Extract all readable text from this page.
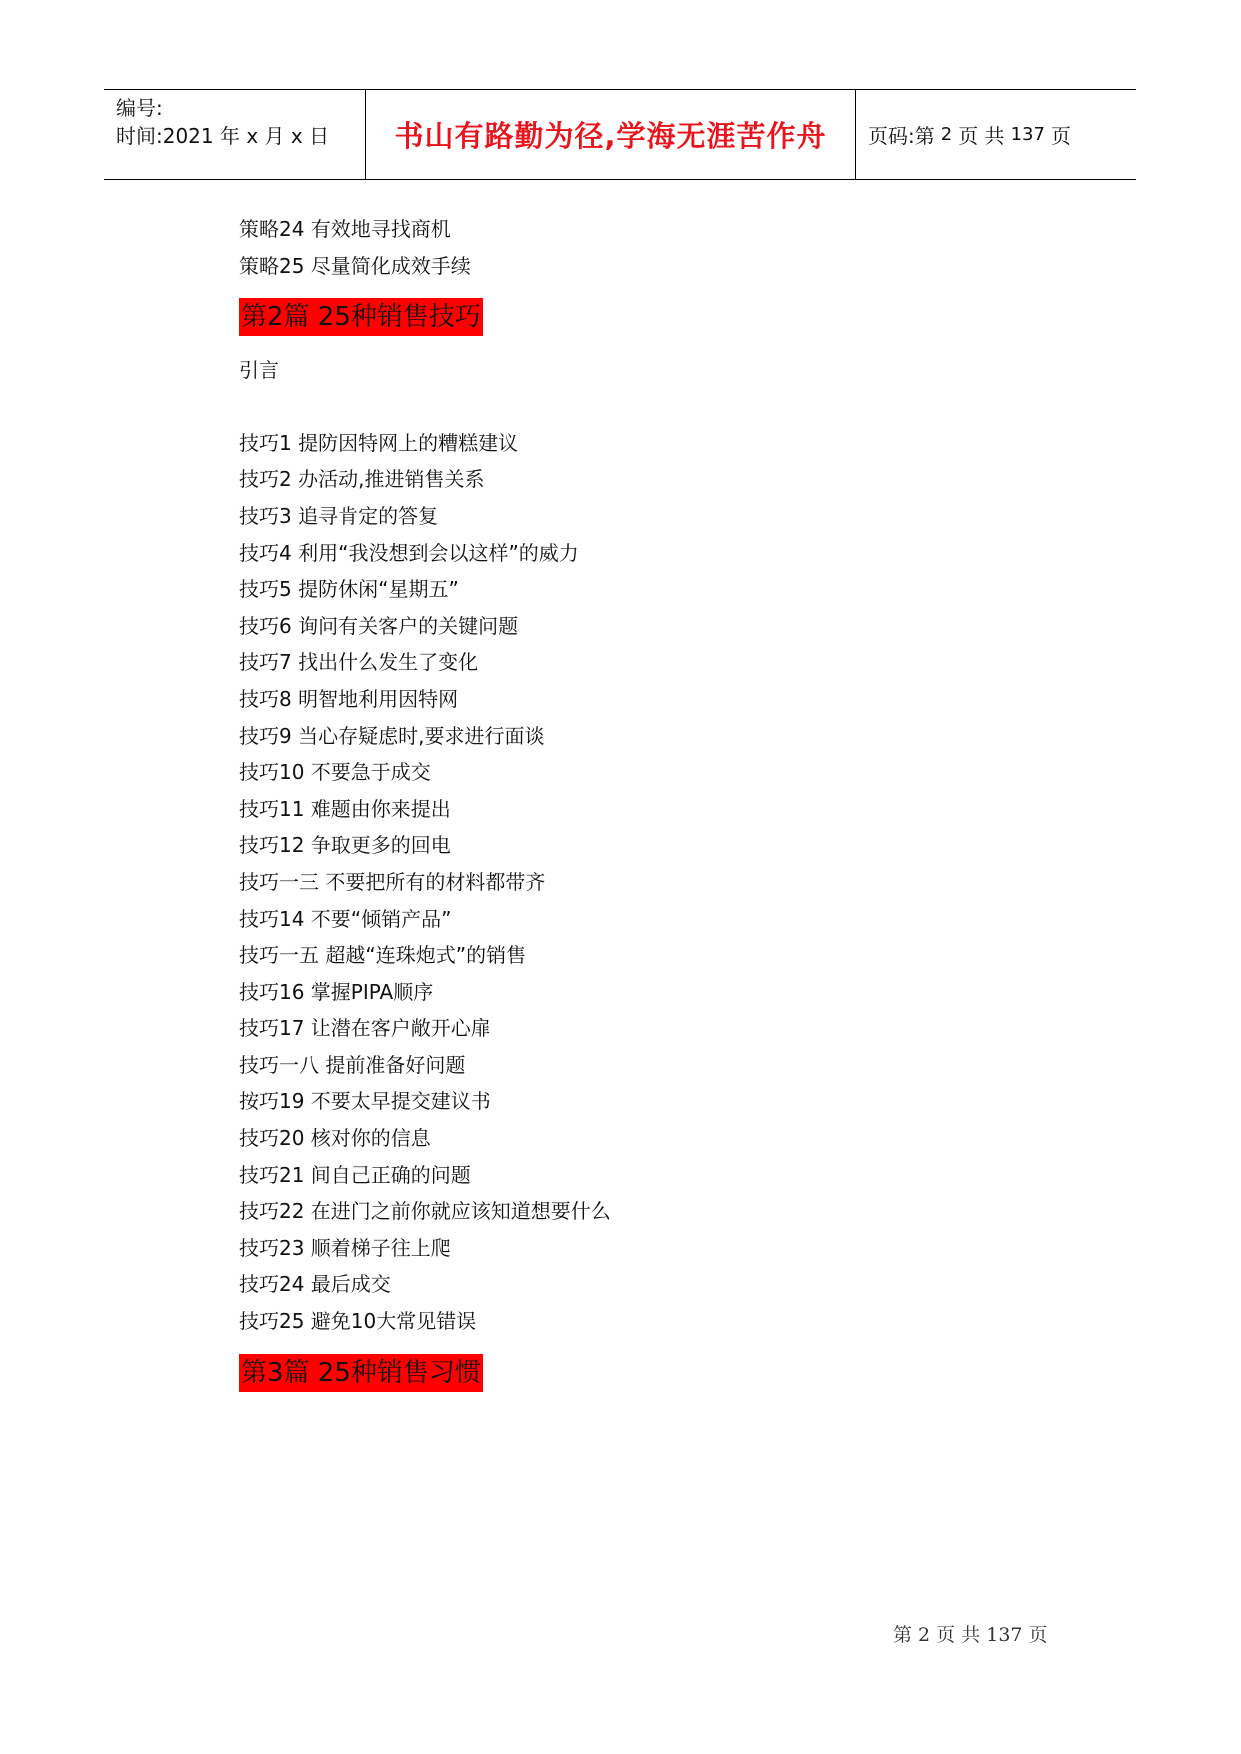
编号:
时间:2021 年 x 月 x 日	书山有路勤为径,学海无涯苦作舟	页码:第 2 页 共 137 页
策略24 有效地寻找商机
策略25 尽量简化成效手续
第2篇 25种销售技巧
引言
技巧1 提防因特网上的糟糕建议
技巧2 办活动,推进销售关系
技巧3 追寻肯定的答复
技巧4 利用“我没想到会以这样”的威力
技巧5 提防休闲“星期五”
技巧6 询问有关客户的关键问题
技巧7 找出什么发生了变化
技巧8 明智地利用因特网
技巧9 当心存疑虑时,要求进行面谈
技巧10 不要急于成交
技巧11 难题由你来提出
技巧12 争取更多的回电
技巧一三 不要把所有的材料都带齐
技巧14 不要“倾销产品”
技巧一五 超越“连珠炮式”的销售
技巧16 掌握PIPA顺序
技巧17 让潜在客户敞开心扉
技巧一八 提前准备好问题
按巧19 不要太早提交建议书
技巧20 核对你的信息
技巧21 间自己正确的问题
技巧22 在进门之前你就应该知道想要什么
技巧23 顺着梯子往上爬
技巧24 最后成交
技巧25 避免10大常见错误
第3篇 25种销售习惯
第 2 页 共 137 页
